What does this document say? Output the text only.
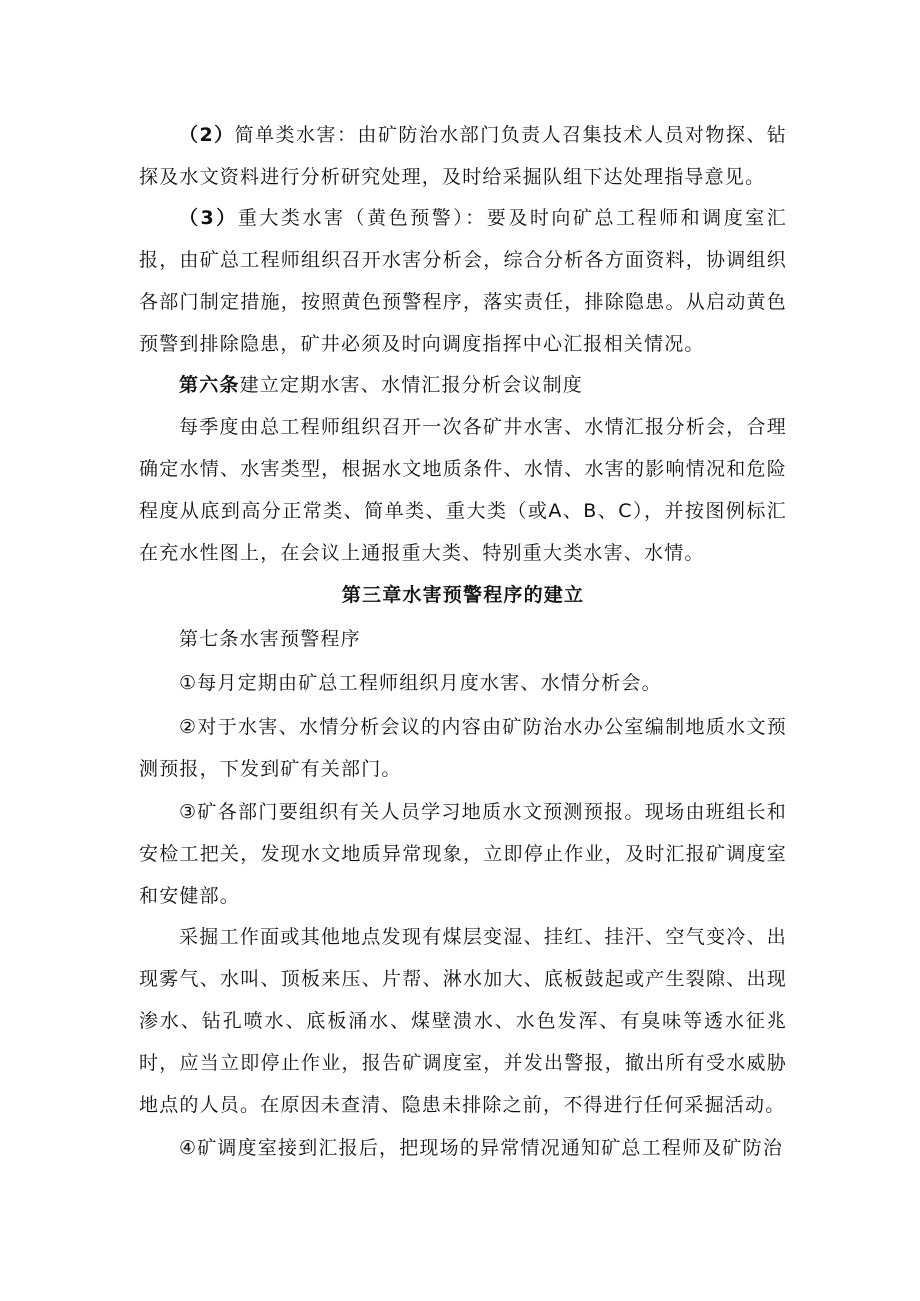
（2）简单类水害：由矿防治水部门负责人召集技术人员对物探、钻探及水文资料进行分析研究处理，及时给采掘队组下达处理指导意见。

（3）重大类水害（黄色预警）：要及时向矿总工程师和调度室汇报，由矿总工程师组织召开水害分析会，综合分析各方面资料，协调组织各部门制定措施，按照黄色预警程序，落实责任，排除隐患。从启动黄色预警到排除隐患，矿井必须及时向调度指挥中心汇报相关情况。

第六条建立定期水害、水情汇报分析会议制度

每季度由总工程师组织召开一次各矿井水害、水情汇报分析会，合理确定水情、水害类型，根据水文地质条件、水情、水害的影响情况和危险程度从底到高分正常类、简单类、重大类（或A、B、C），并按图例标汇在充水性图上，在会议上通报重大类、特别重大类水害、水情。

第三章水害预警程序的建立

第七条水害预警程序

①每月定期由矿总工程师组织月度水害、水情分析会。

②对于水害、水情分析会议的内容由矿防治水办公室编制地质水文预测预报，下发到矿有关部门。

③矿各部门要组织有关人员学习地质水文预测预报。现场由班组长和安检工把关，发现水文地质异常现象，立即停止作业，及时汇报矿调度室和安健部。

采掘工作面或其他地点发现有煤层变湿、挂红、挂汗、空气变冷、出现雾气、水叫、顶板来压、片帮、淋水加大、底板鼓起或产生裂隙、出现渗水、钻孔喷水、底板涌水、煤壁溃水、水色发浑、有臭味等透水征兆时，应当立即停止作业，报告矿调度室，并发出警报，撤出所有受水威胁地点的人员。在原因未查清、隐患未排除之前，不得进行任何采掘活动。

④矿调度室接到汇报后，把现场的异常情况通知矿总工程师及矿防治
